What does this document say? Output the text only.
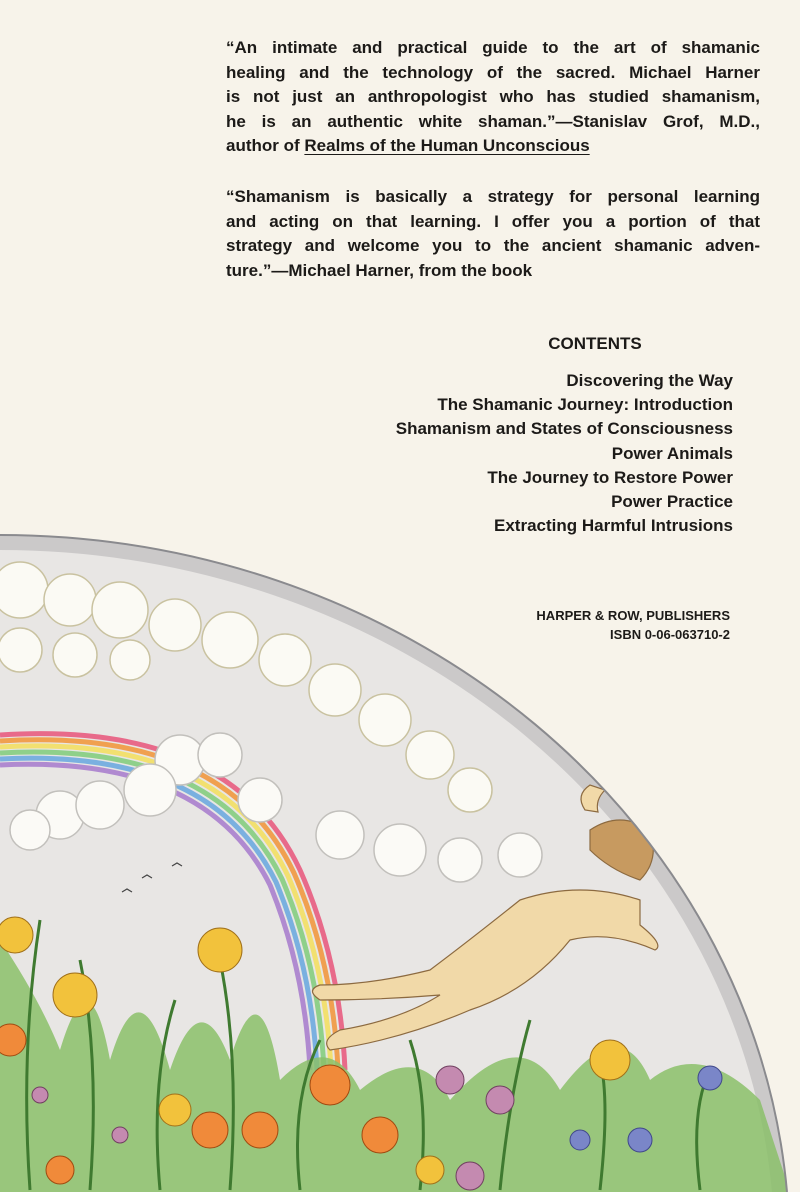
“An intimate and practical guide to the art of shamanic
healing and the technology of the sacred. Michael Harner
is not just an anthropologist who has studied shamanism,
he is an authentic white shaman.”—Stanislav Grof, M.D.,
author of Realms of the Human Unconscious
“Shamanism is basically a strategy for personal learning
and acting on that learning. I offer you a portion of that
strategy and welcome you to the ancient shamanic adven-
ture.”—Michael Harner, from the book
CONTENTS
Discovering the Way
The Shamanic Journey: Introduction
Shamanism and States of Consciousness
Power Animals
The Journey to Restore Power
Power Practice
Extracting Harmful Intrusions
HARPER & ROW, PUBLISHERS
ISBN 0-06-063710-2
